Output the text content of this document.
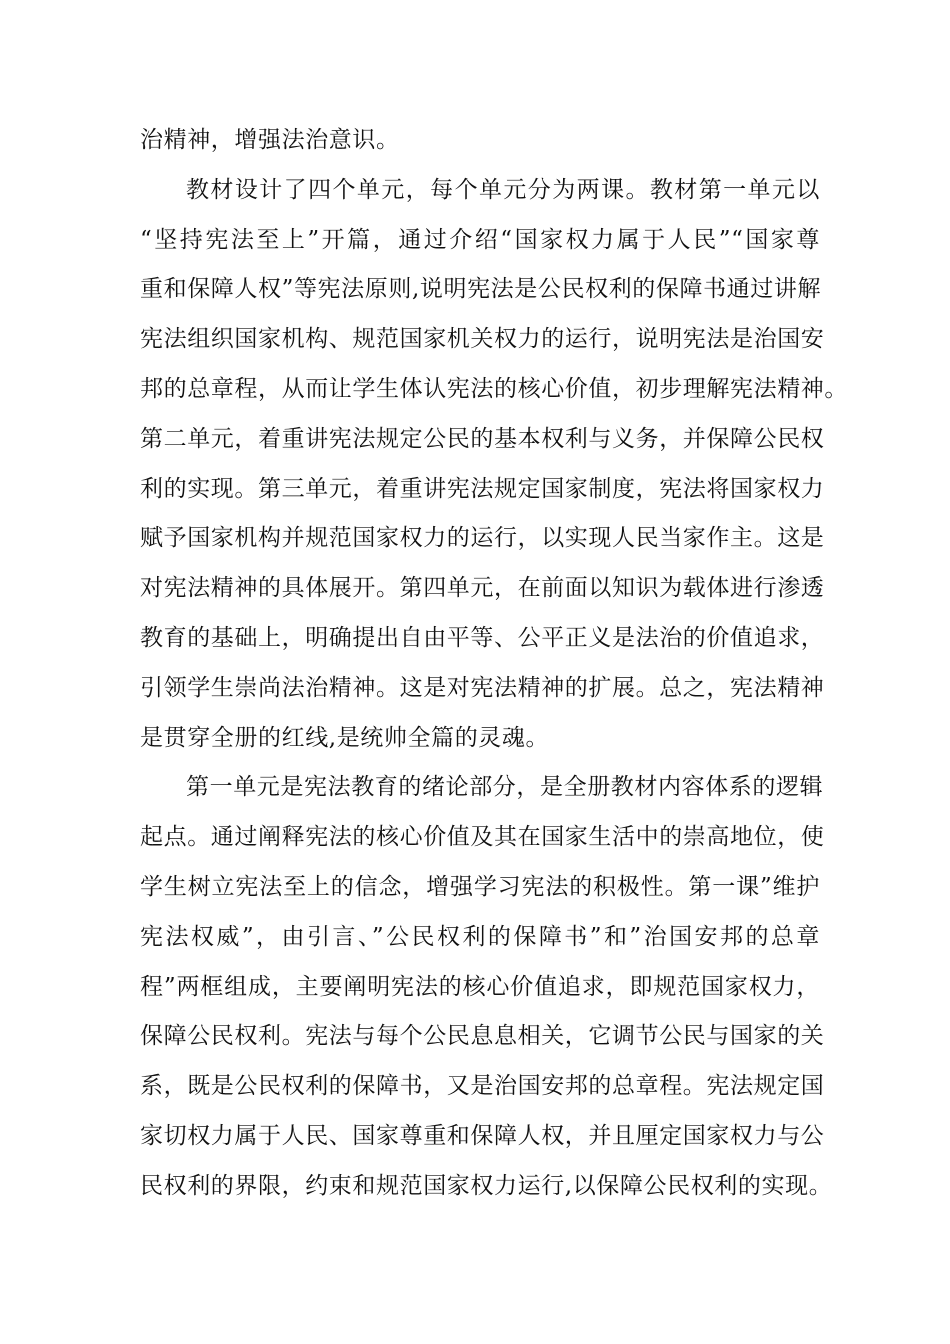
治精神，增强法治意识。
教材设计了四个单元，每个单元分为两课。教材第一单元以
“坚持宪法至上”开篇，通过介绍“国家权力属于人民”“国家尊
重和保障人权”等宪法原则,说明宪法是公民权利的保障书通过讲解
宪法组织国家机构、规范国家机关权力的运行，说明宪法是治国安
邦的总章程，从而让学生体认宪法的核心价值，初步理解宪法精神。
第二单元，着重讲宪法规定公民的基本权利与义务，并保障公民权
利的实现。第三单元，着重讲宪法规定国家制度，宪法将国家权力
赋予国家机构并规范国家权力的运行，以实现人民当家作主。这是
对宪法精神的具体展开。第四单元，在前面以知识为载体进行渗透
教育的基础上，明确提出自由平等、公平正义是法治的价值追求，
引领学生崇尚法治精神。这是对宪法精神的扩展。总之，宪法精神
是贯穿全册的红线,是统帅全篇的灵魂。
第一单元是宪法教育的绪论部分，是全册教材内容体系的逻辑
起点。通过阐释宪法的核心价值及其在国家生活中的崇高地位，使
学生树立宪法至上的信念，增强学习宪法的积极性。第一课”维护
宪法权威”，由引言、”公民权利的保障书”和”治国安邦的总章
程”两框组成，主要阐明宪法的核心价值追求，即规范国家权力，
保障公民权利。宪法与每个公民息息相关，它调节公民与国家的关
系，既是公民权利的保障书，又是治国安邦的总章程。宪法规定国
家切权力属于人民、国家尊重和保障人权，并且厘定国家权力与公
民权利的界限，约束和规范国家权力运行,以保障公民权利的实现。
